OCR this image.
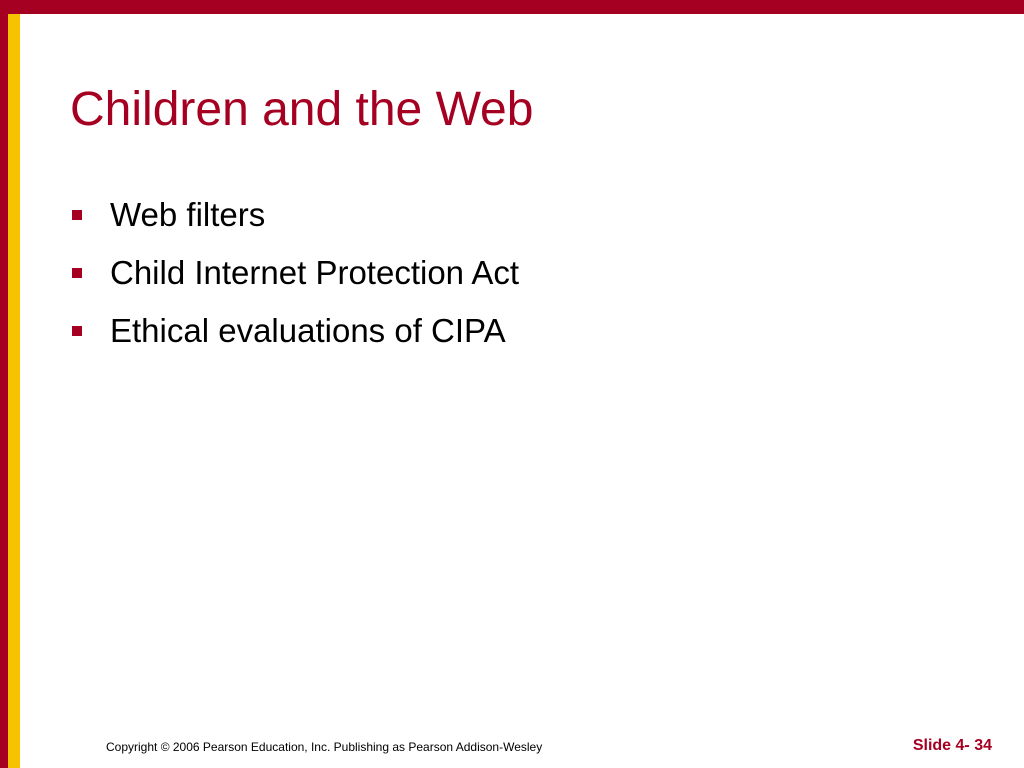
Children and the Web
Web filters
Child Internet Protection Act
Ethical evaluations of CIPA
Copyright © 2006 Pearson Education, Inc. Publishing as Pearson Addison-Wesley	Slide 4- 34
